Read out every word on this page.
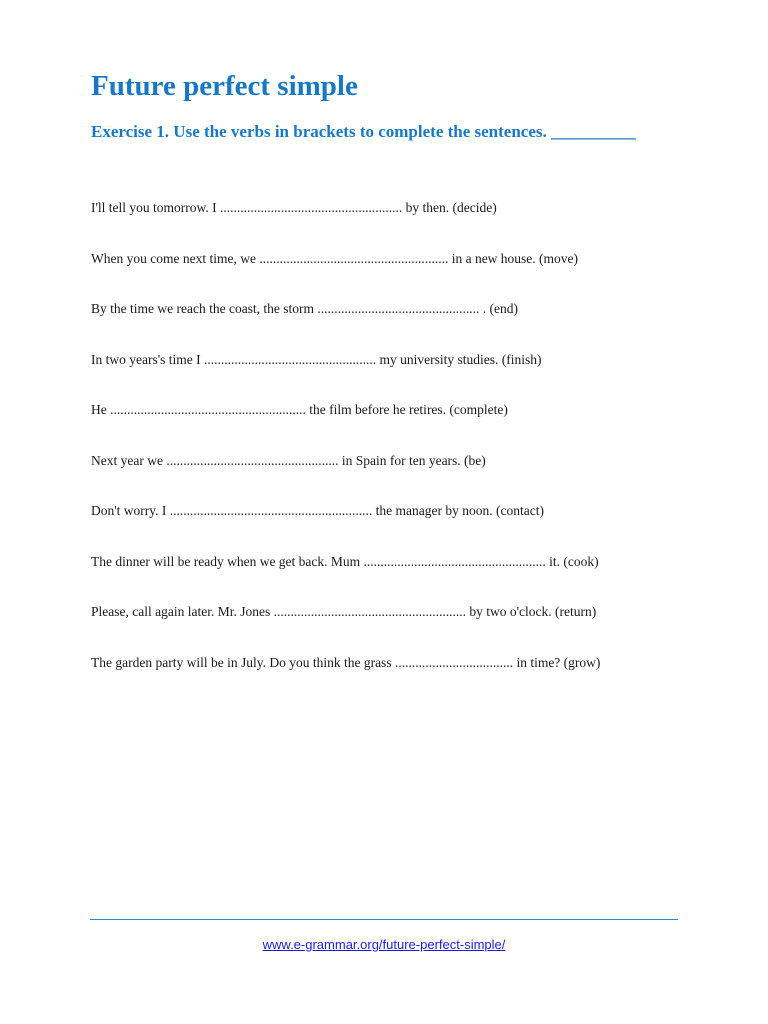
Future perfect simple
Exercise 1. Use the verbs in brackets to complete the sentences. __________
I'll tell you tomorrow. I ...................................................... by then. (decide)
When you come next time, we ........................................................ in a new house. (move)
By the time we reach the coast, the storm ................................................ . (end)
In two years's time I ................................................... my university studies. (finish)
He .......................................................... the film before he retires. (complete)
Next year we ................................................... in Spain for ten years. (be)
Don't worry. I ............................................................ the manager by noon. (contact)
The dinner will be ready when we get back. Mum ...................................................... it. (cook)
Please, call again later. Mr. Jones ......................................................... by two o'clock. (return)
The garden party will be in July. Do you think the grass ................................... in time? (grow)
www.e-grammar.org/future-perfect-simple/
